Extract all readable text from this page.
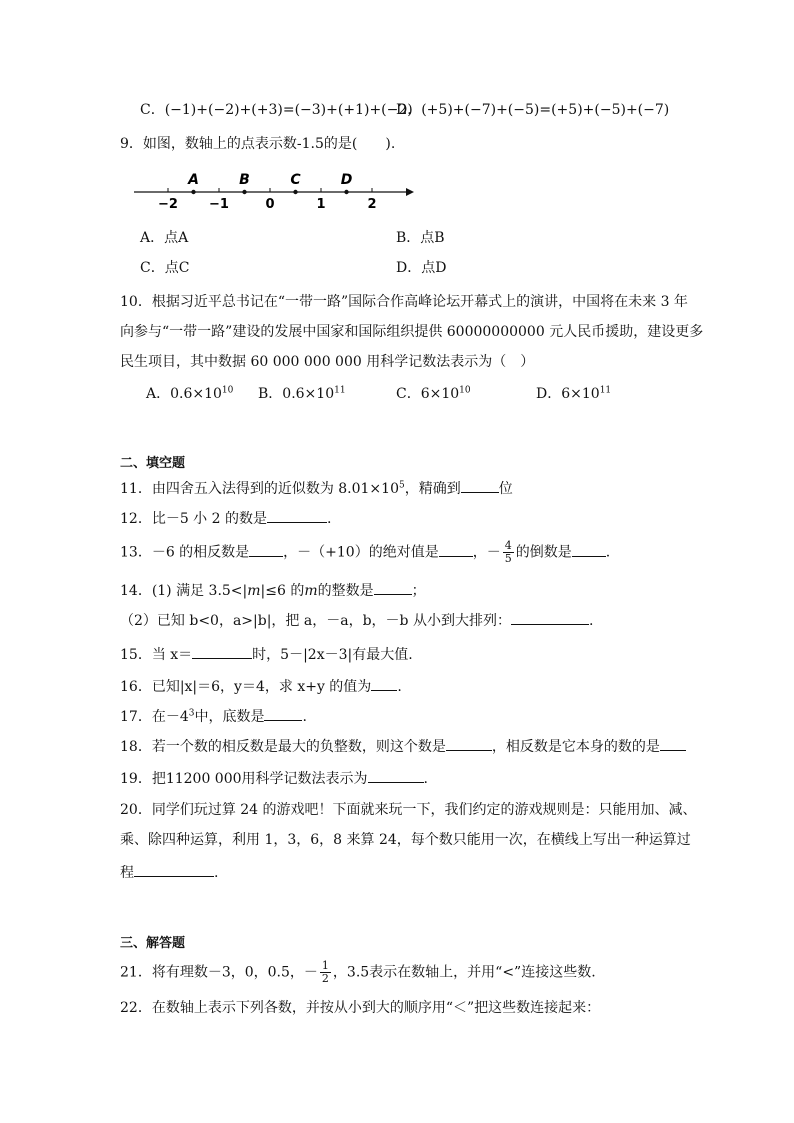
C．(−1)+(−2)+(+3)=(−3)+(+1)+(−2)
D．(+5)+(−7)+(−5)=(+5)+(−5)+(−7)
9．如图，数轴上的点表示数-1.5的是(　　).
−2 −1	0	1	2
A	B	C	D
A．点A	B．点B
C．点C	D．点D
10．根据习近平总书记在“一带一路”国际合作高峰论坛开幕式上的演讲，中国将在未来 3 年
向参与“一带一路”建设的发展中国家和国际组织提供 60000000000 元人民币援助，建设更多
民生项目，其中数据 60 000 000 000 用科学记数法表示为（　）
A．$0.6\times 10^{10}$ B．$0.6\times 10^{11}$	C．$6\times 10^{10}$	D．$6\times 10^{11}$
二、填空题
11．由四舍五入法得到的近似数为 $8.01\times 10^5$，精确到	位
12．比－5 小 2 的数是	.
13．－6 的相反数是 ，－（+10）的绝对值是 ，－ $\frac{4}{5}$ 的倒数是 .
14．(1) 满足 3.5<|m|≤6 的m的整数是	；
（2）已知 b<0，a>|b|，把 a，－a，b，－b 从小到大排列：	.
15．当 x＝	时，5－|2x－3|有最大值.
16．已知|x|＝6，y＝4，求 x+y 的值为 .
17．在$-4^3$中，底数是	.
18．若一个数的相反数是最大的负整数，则这个数是	，相反数是它本身的数的是
19．把11200 000用科学记数法表示为	.
20．同学们玩过算 24 的游戏吧！下面就来玩一下，我们约定的游戏规则是：只能用加、减、
乘、除四种运算，利用 1，3，6，8 来算 24，每个数只能用一次，在横线上写出一种运算过
程	.
三、解答题
21．将有理数－3，0，0.5，－ $\frac{1}{2}$ ，3.5表示在数轴上，并用“<”连接这些数.
22．在数轴上表示下列各数，并按从小到大的顺序用“＜”把这些数连接起来：
